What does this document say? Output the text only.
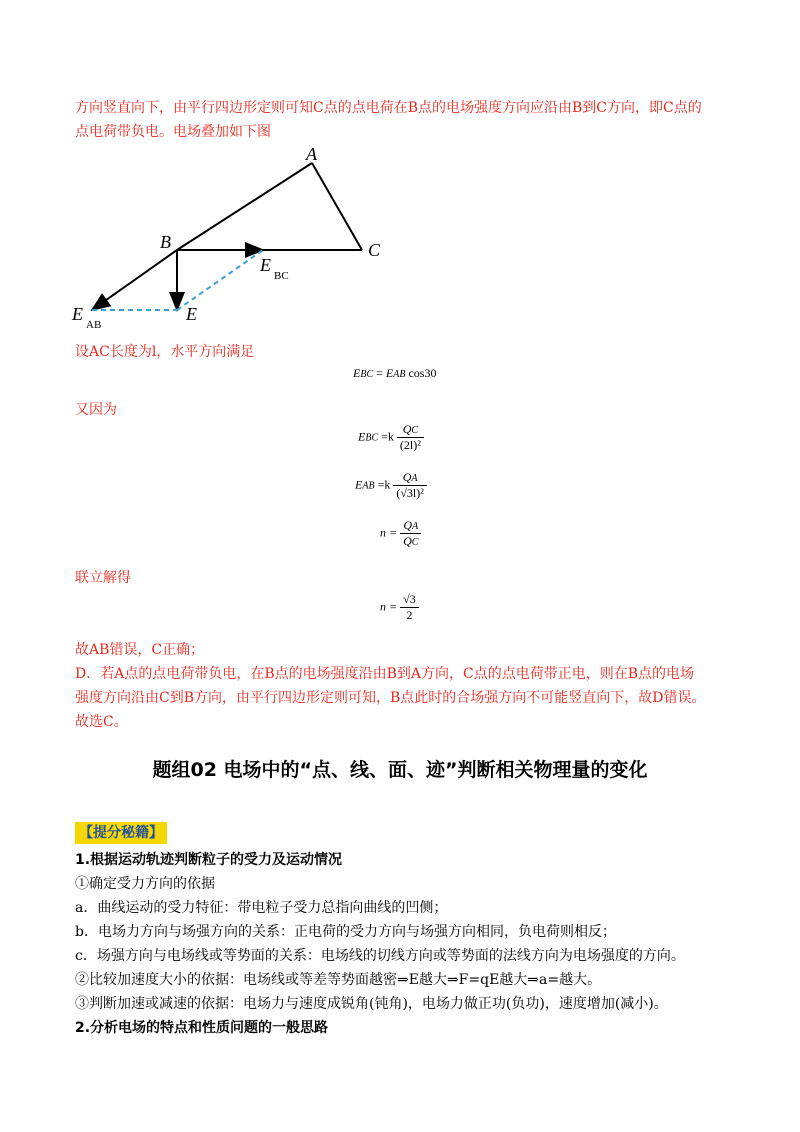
方向竖直向下，由平行四边形定则可知C点的点电荷在B点的电场强度方向应沿由B到C方向，即C点的

点电荷带负电。电场叠加如下图

A
B	C
E
E
AB
E
BC

设AC长度为l，水平方向满足

EBC = EAB cos30

又因为

EBC $=k \frac{QC}{\text{(2l)²}}$
EAB $=k \frac{QA}{\text{(√3l)²}}$
$n = \frac{QA}{QC}$

联立解得

$n = \frac{√3}{2}$

故AB错误，C正确；

D．若A点的点电荷带负电，在B点的电场强度沿由B到A方向，C点的点电荷带正电，则在B点的电场

强度方向沿由C到B方向，由平行四边形定则可知，B点此时的合场强方向不可能竖直向下，故D错误。

故选C。

题组02 电场中的“点、线、面、迹”判断相关物理量的变化
【提分秘籍】

1.根据运动轨迹判断粒子的受力及运动情况

①确定受力方向的依据

a．曲线运动的受力特征：带电粒子受力总指向曲线的凹侧；

b．电场力方向与场强方向的关系：正电荷的受力方向与场强方向相同，负电荷则相反；

c．场强方向与电场线或等势面的关系：电场线的切线方向或等势面的法线方向为电场强度的方向。

②比较加速度大小的依据：电场线或等差等势面越密⇒E越大⇒F=qE越大⇒a=越大。

③判断加速或减速的依据：电场力与速度成锐角(钝角)，电场力做正功(负功)，速度增加(减小)。

2.分析电场的特点和性质问题的一般思路
